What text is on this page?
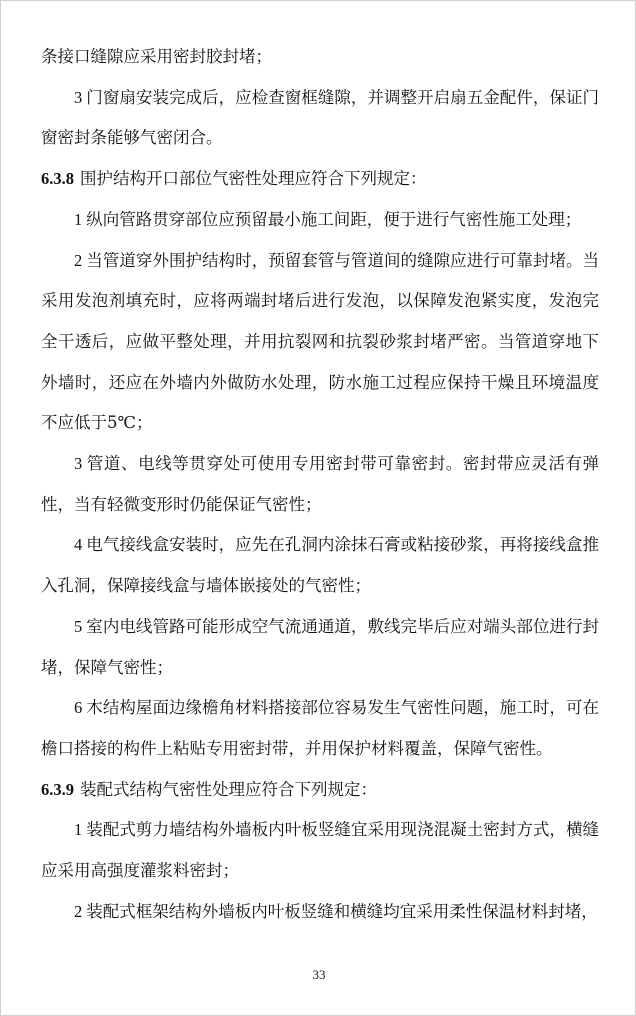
条接口缝隙应采用密封胶封堵；

3 门窗扇安装完成后，应检查窗框缝隙，并调整开启扇五金配件，保证门窗密封条能够气密闭合。

6.3.8 围护结构开口部位气密性处理应符合下列规定：

1 纵向管路贯穿部位应预留最小施工间距，便于进行气密性施工处理；

2 当管道穿外围护结构时，预留套管与管道间的缝隙应进行可靠封堵。当采用发泡剂填充时，应将两端封堵后进行发泡，以保障发泡紧实度，发泡完全干透后，应做平整处理，并用抗裂网和抗裂砂浆封堵严密。当管道穿地下外墙时，还应在外墙内外做防水处理，防水施工过程应保持干燥且环境温度不应低于5℃；

3 管道、电线等贯穿处可使用专用密封带可靠密封。密封带应灵活有弹性，当有轻微变形时仍能保证气密性；

4 电气接线盒安装时，应先在孔洞内涂抹石膏或粘接砂浆，再将接线盒推入孔洞，保障接线盒与墙体嵌接处的气密性；

5 室内电线管路可能形成空气流通通道，敷线完毕后应对端头部位进行封堵，保障气密性；

6 木结构屋面边缘檐角材料搭接部位容易发生气密性问题，施工时，可在檐口搭接的构件上粘贴专用密封带，并用保护材料覆盖，保障气密性。

6.3.9 装配式结构气密性处理应符合下列规定：

1 装配式剪力墙结构外墙板内叶板竖缝宜采用现浇混凝土密封方式，横缝应采用高强度灌浆料密封；

2 装配式框架结构外墙板内叶板竖缝和横缝均宜采用柔性保温材料封堵，

33
